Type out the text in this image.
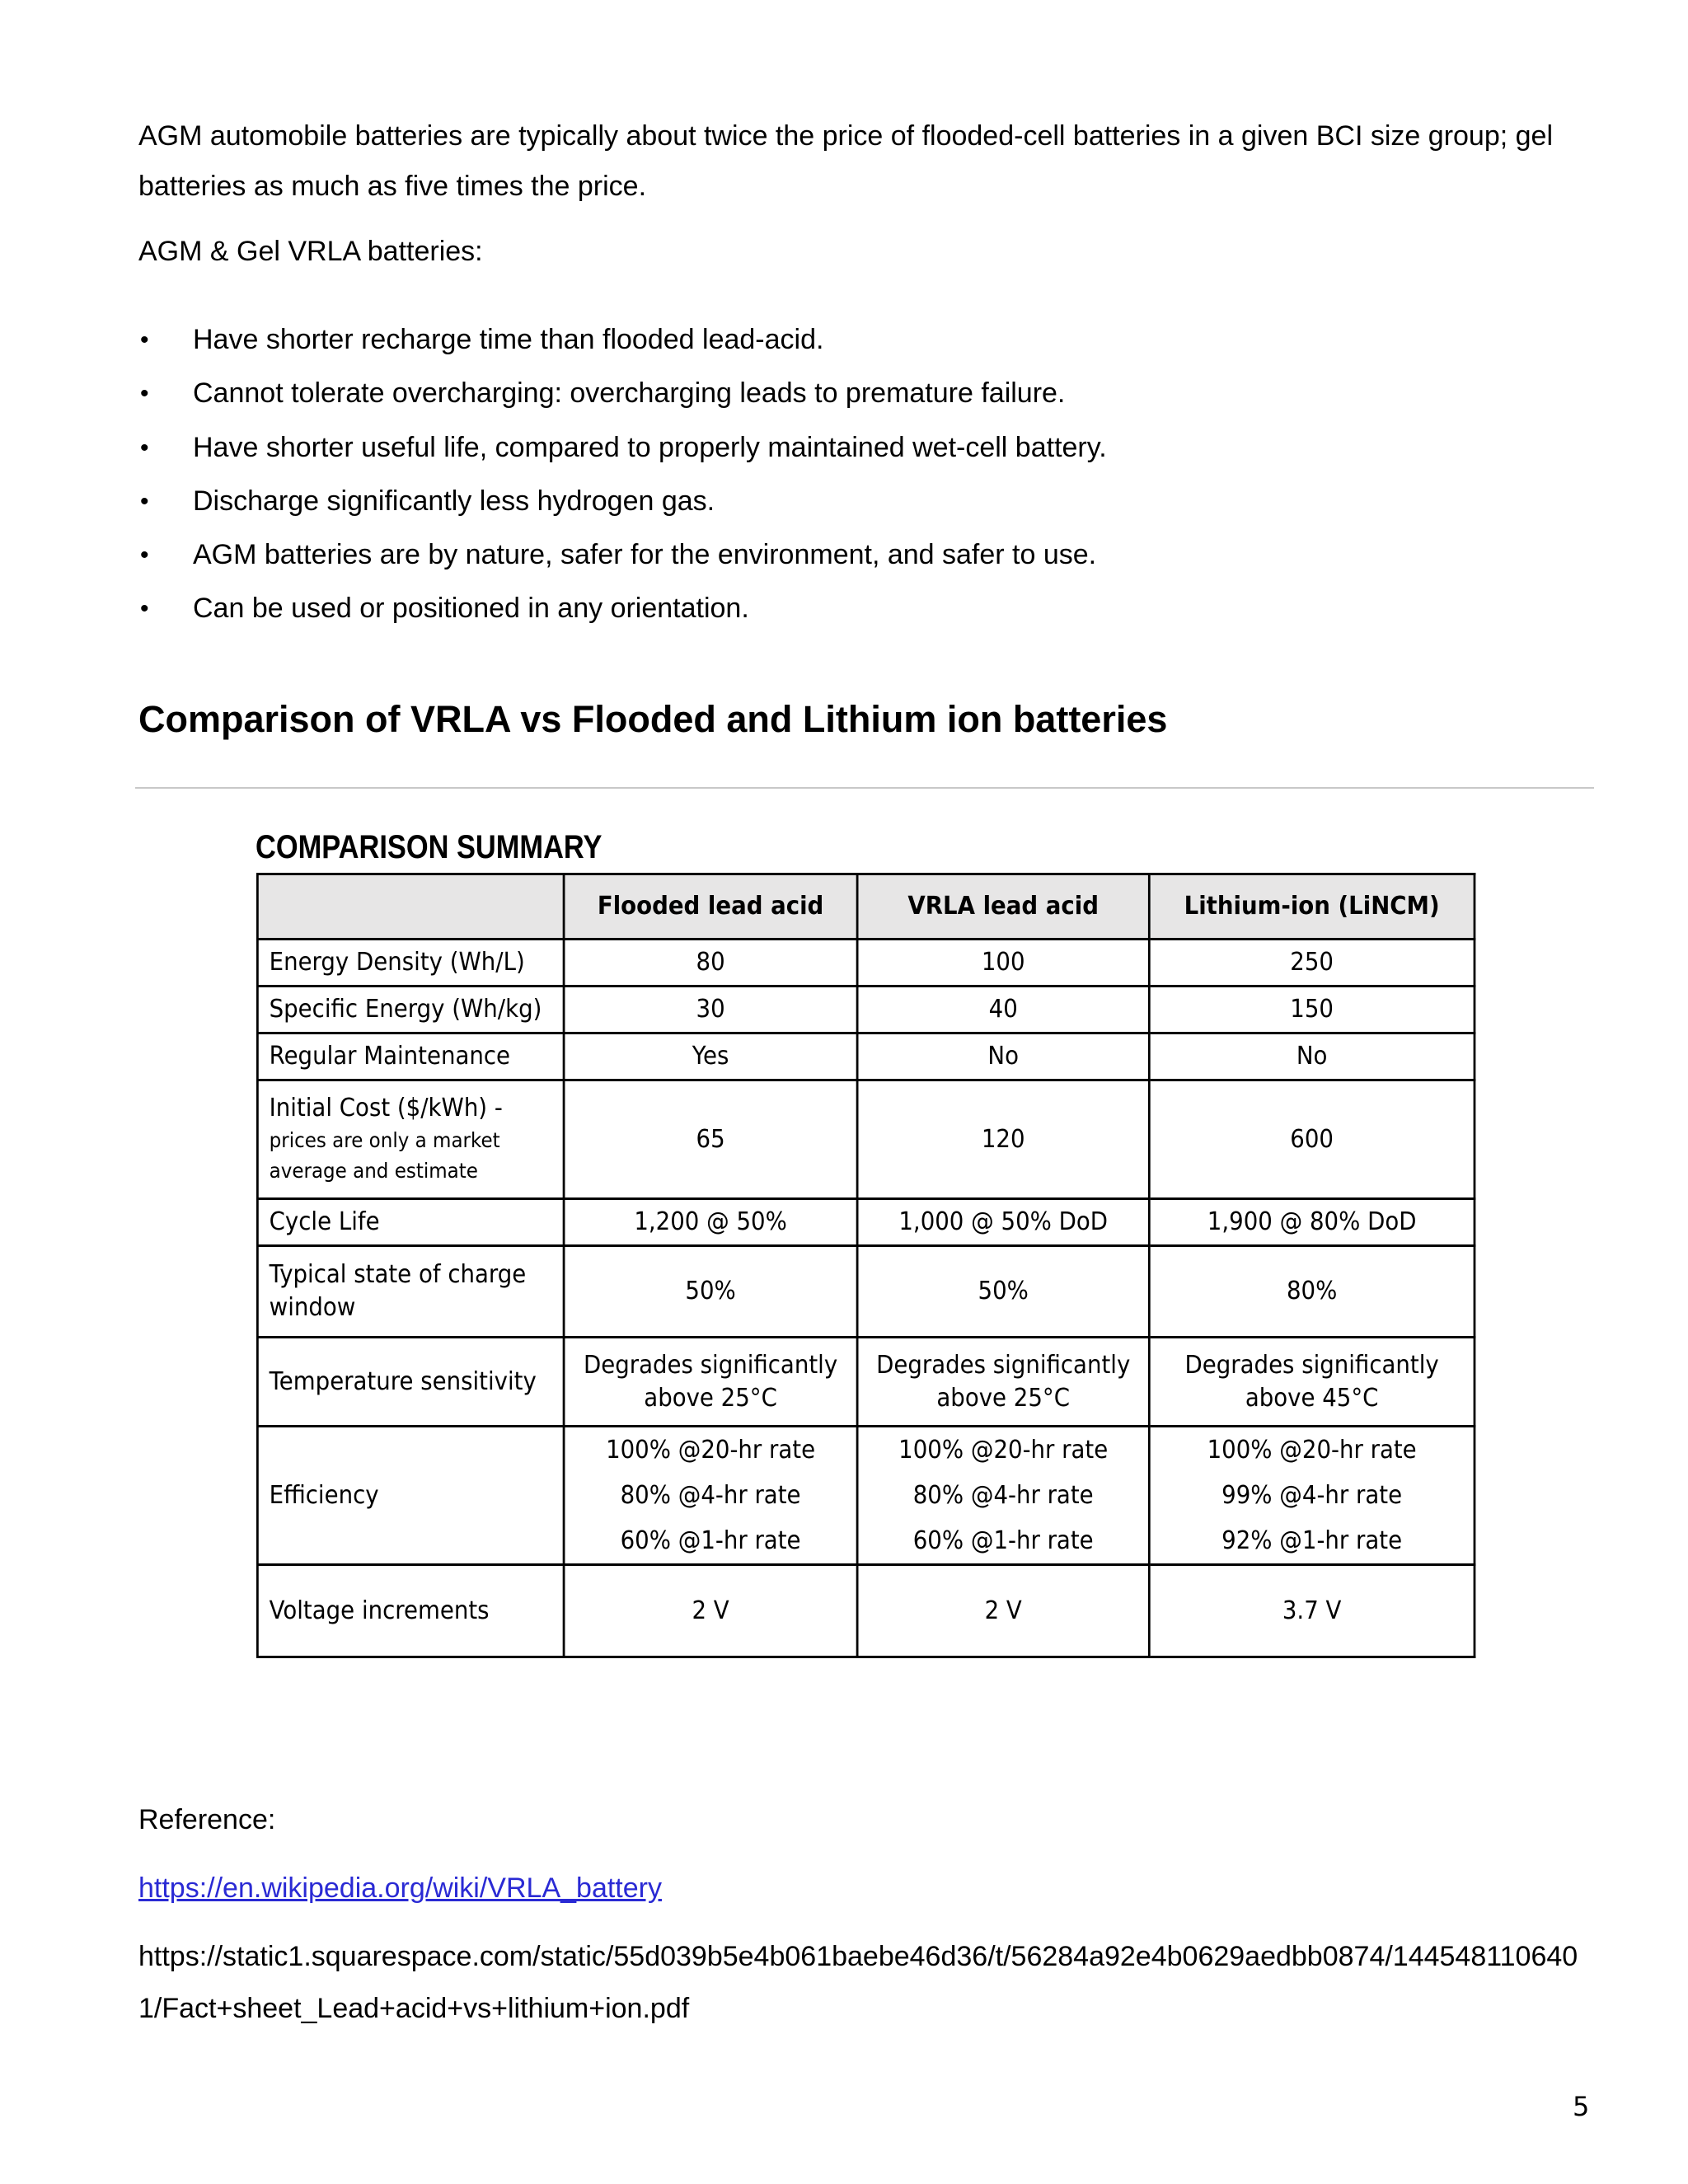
AGM automobile batteries are typically about twice the price of flooded-cell batteries in a given BCI size group; gel batteries as much as five times the price.

AGM & Gel VRLA batteries:

• Have shorter recharge time than flooded lead-acid.
• Cannot tolerate overcharging: overcharging leads to premature failure.
• Have shorter useful life, compared to properly maintained wet-cell battery.
• Discharge significantly less hydrogen gas.
• AGM batteries are by nature, safer for the environment, and safer to use.
• Can be used or positioned in any orientation.
Comparison of VRLA vs Flooded and Lithium ion batteries
COMPARISON SUMMARY
	Flooded lead acid	VRLA lead acid	Lithium-ion (LiNCM)
Energy Density (Wh/L)	80	100	250
Specific Energy (Wh/kg)	30	40	150
Regular Maintenance	Yes	No	No

Initial Cost ($/kWh) -
prices are only a market
average and estimate	65	120	600
Cycle Life	1,200 @ 50%	1,000 @ 50% DoD	1,900 @ 80% DoD
Typical state of charge window	50%	50%	80%
Temperature sensitivity	Degrades significantly
above 25°C	Degrades significantly
above 25°C	Degrades significantly
above 45°C

Efficiency	100% @20-hr rate
80% @4-hr rate
60% @1-hr rate	100% @20-hr rate
80% @4-hr rate
60% @1-hr rate	100% @20-hr rate
99% @4-hr rate
92% @1-hr rate

Voltage increments	2 V	2 V	3.7 V

Reference:

https://en.wikipedia.org/wiki/VRLA_battery
https://static1.squarespace.com/static/55d039b5e4b061baebe46d36/t/56284a92e4b0629aedbb0874/1445481106401/Fact+sheet_Lead+acid+vs+lithium+ion.pdf
5
